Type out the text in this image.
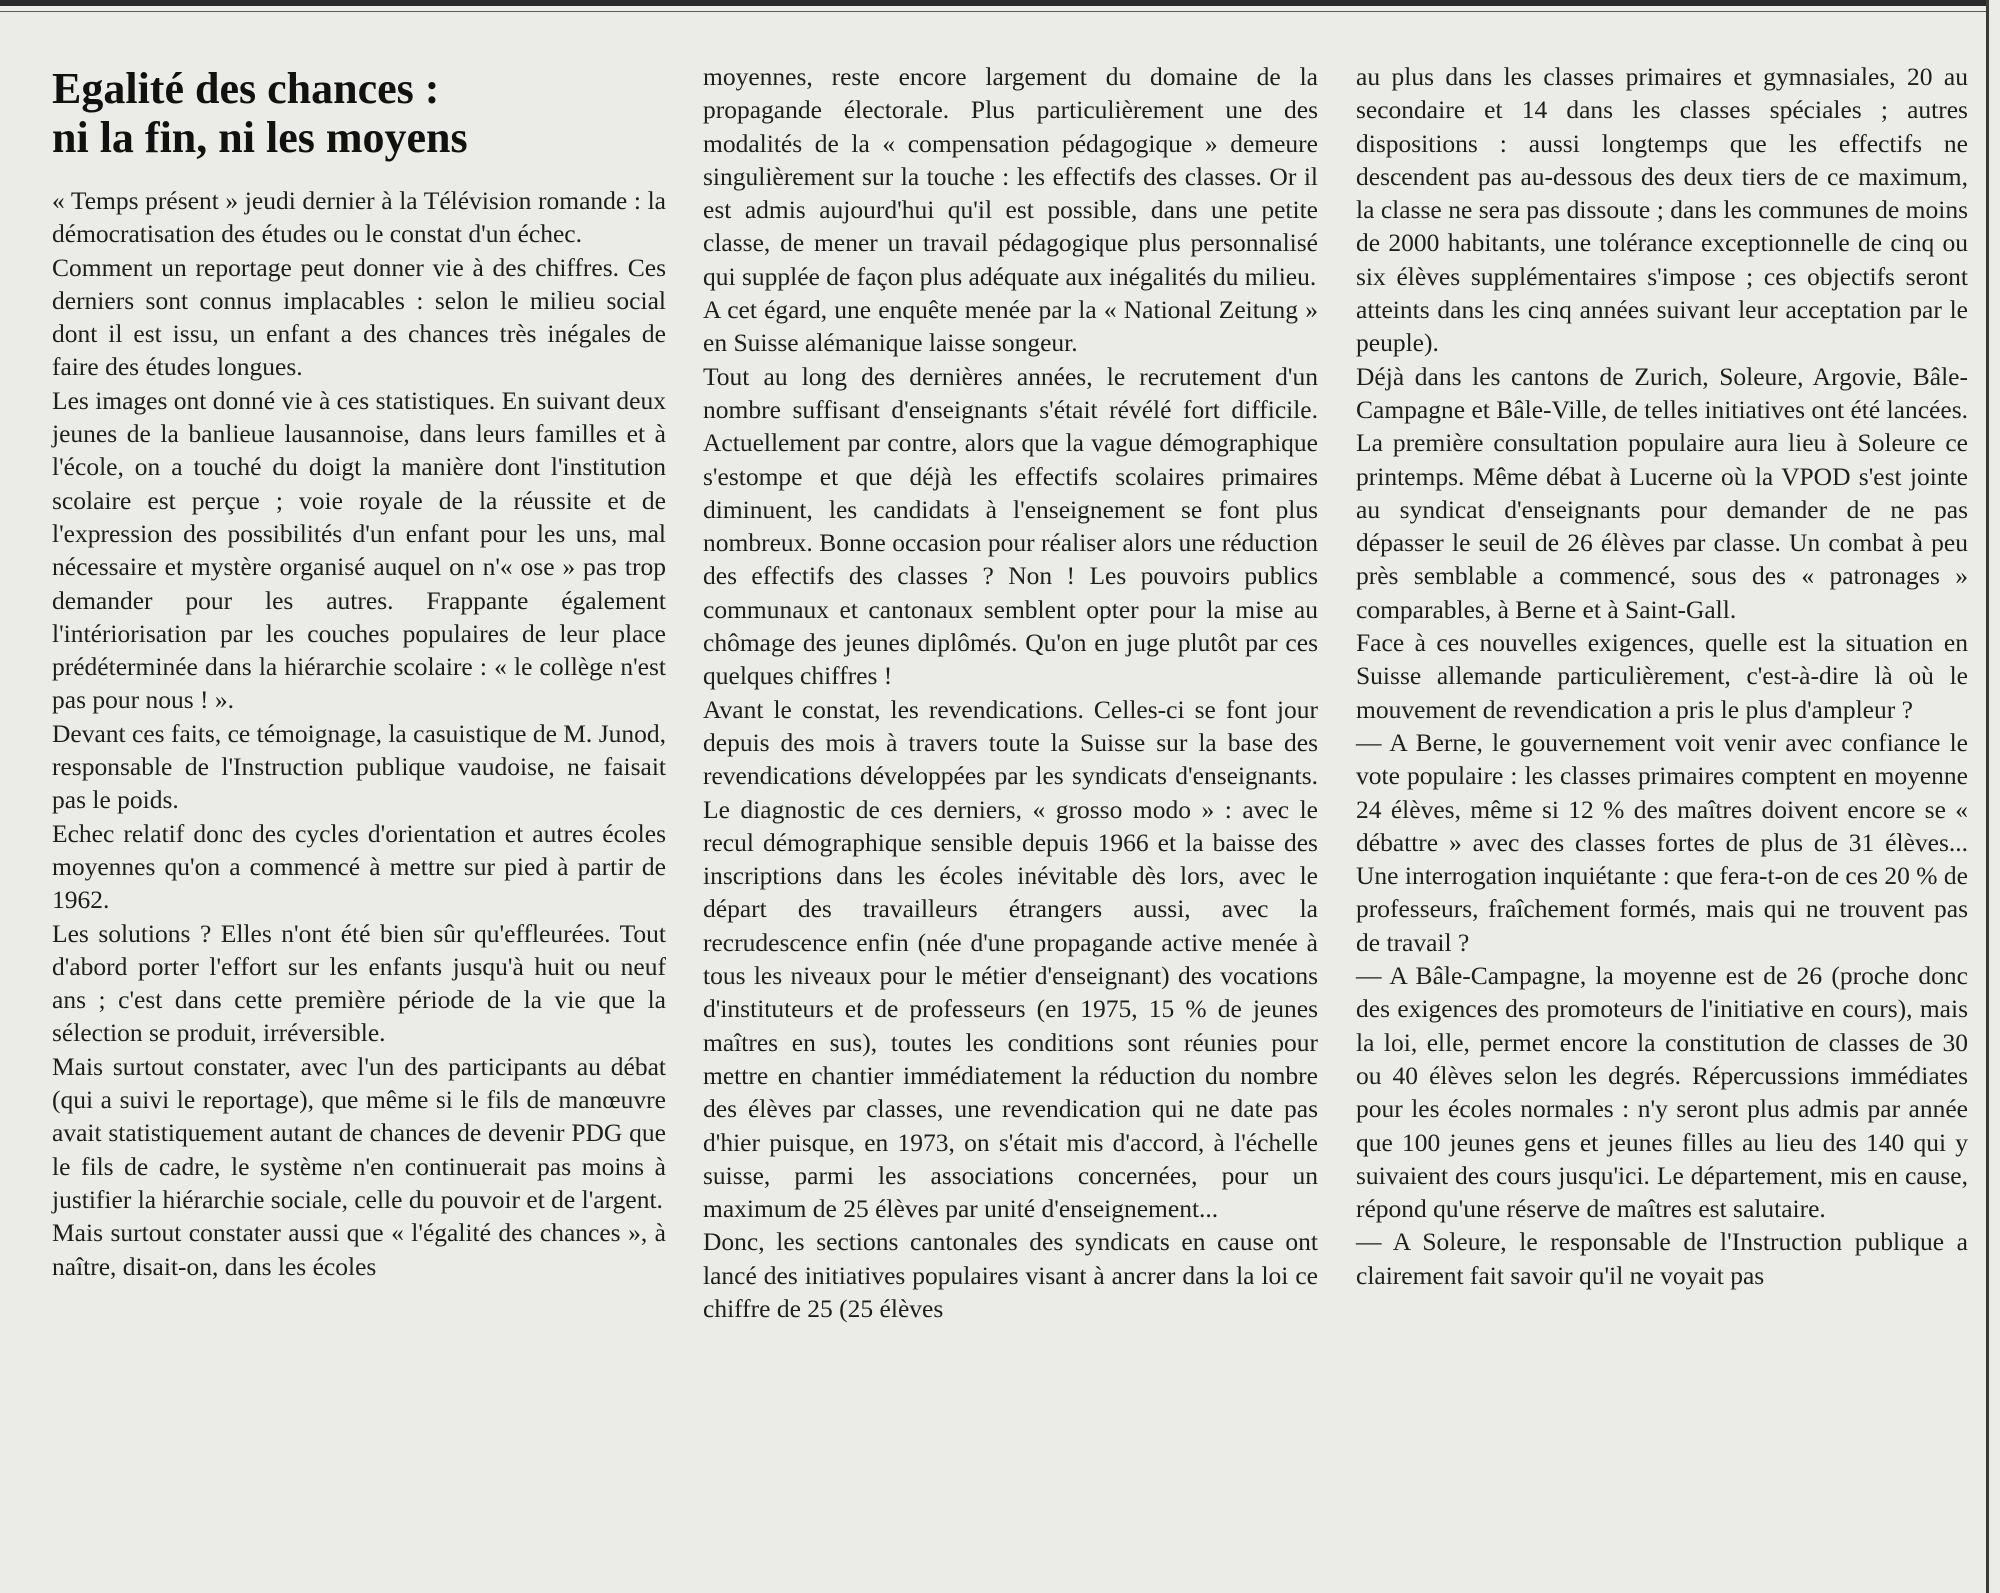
Egalité des chances :
ni la fin, ni les moyens

« Temps présent » jeudi dernier à la Télévision romande : la démocratisation des études ou le constat d'un échec.

Comment un reportage peut donner vie à des chiffres. Ces derniers sont connus implacables : selon le milieu social dont il est issu, un enfant a des chances très inégales de faire des études longues.

Les images ont donné vie à ces statistiques. En suivant deux jeunes de la banlieue lausannoise, dans leurs familles et à l'école, on a touché du doigt la manière dont l'institution scolaire est perçue ; voie royale de la réussite et de l'expression des possibilités d'un enfant pour les uns, mal nécessaire et mystère organisé auquel on n'« ose » pas trop demander pour les autres. Frappante également l'intériorisation par les couches populaires de leur place prédéterminée dans la hiérarchie scolaire : « le collège n'est pas pour nous ! ».

Devant ces faits, ce témoignage, la casuistique de M. Junod, responsable de l'Instruction publique vaudoise, ne faisait pas le poids.

Echec relatif donc des cycles d'orientation et autres écoles moyennes qu'on a commencé à mettre sur pied à partir de 1962.

Les solutions ? Elles n'ont été bien sûr qu'effleurées. Tout d'abord porter l'effort sur les enfants jusqu'à huit ou neuf ans ; c'est dans cette première période de la vie que la sélection se produit, irréversible.

Mais surtout constater, avec l'un des participants au débat (qui a suivi le reportage), que même si le fils de manœuvre avait statistiquement autant de chances de devenir PDG que le fils de cadre, le système n'en continuerait pas moins à justifier la hiérarchie sociale, celle du pouvoir et de l'argent.

Mais surtout constater aussi que « l'égalité des chances », à naître, disait-on, dans les écoles

moyennes, reste encore largement du domaine de la propagande électorale. Plus particulièrement une des modalités de la « compensation pédagogique » demeure singulièrement sur la touche : les effectifs des classes. Or il est admis aujourd'hui qu'il est possible, dans une petite classe, de mener un travail pédagogique plus personnalisé qui supplée de façon plus adéquate aux inégalités du milieu.

A cet égard, une enquête menée par la « National Zeitung » en Suisse alémanique laisse songeur.

Tout au long des dernières années, le recrutement d'un nombre suffisant d'enseignants s'était révélé fort difficile. Actuellement par contre, alors que la vague démographique s'estompe et que déjà les effectifs scolaires primaires diminuent, les candidats à l'enseignement se font plus nombreux. Bonne occasion pour réaliser alors une réduction des effectifs des classes ? Non ! Les pouvoirs publics communaux et cantonaux semblent opter pour la mise au chômage des jeunes diplômés. Qu'on en juge plutôt par ces quelques chiffres !

Avant le constat, les revendications. Celles-ci se font jour depuis des mois à travers toute la Suisse sur la base des revendications développées par les syndicats d'enseignants. Le diagnostic de ces derniers, « grosso modo » : avec le recul démographique sensible depuis 1966 et la baisse des inscriptions dans les écoles inévitable dès lors, avec le départ des travailleurs étrangers aussi, avec la recrudescence enfin (née d'une propagande active menée à tous les niveaux pour le métier d'enseignant) des vocations d'instituteurs et de professeurs (en 1975, 15 % de jeunes maîtres en sus), toutes les conditions sont réunies pour mettre en chantier immédiatement la réduction du nombre des élèves par classes, une revendication qui ne date pas d'hier puisque, en 1973, on s'était mis d'accord, à l'échelle suisse, parmi les associations concernées, pour un maximum de 25 élèves par unité d'enseignement...

Donc, les sections cantonales des syndicats en cause ont lancé des initiatives populaires visant à ancrer dans la loi ce chiffre de 25 (25 élèves

au plus dans les classes primaires et gymnasiales, 20 au secondaire et 14 dans les classes spéciales ; autres dispositions : aussi longtemps que les effectifs ne descendent pas au-dessous des deux tiers de ce maximum, la classe ne sera pas dissoute ; dans les communes de moins de 2000 habitants, une tolérance exceptionnelle de cinq ou six élèves supplémentaires s'impose ; ces objectifs seront atteints dans les cinq années suivant leur acceptation par le peuple).

Déjà dans les cantons de Zurich, Soleure, Argovie, Bâle-Campagne et Bâle-Ville, de telles initiatives ont été lancées. La première consultation populaire aura lieu à Soleure ce printemps. Même débat à Lucerne où la VPOD s'est jointe au syndicat d'enseignants pour demander de ne pas dépasser le seuil de 26 élèves par classe. Un combat à peu près semblable a commencé, sous des « patronages » comparables, à Berne et à Saint-Gall.

Face à ces nouvelles exigences, quelle est la situation en Suisse allemande particulièrement, c'est-à-dire là où le mouvement de revendication a pris le plus d'ampleur ?

— A Berne, le gouvernement voit venir avec confiance le vote populaire : les classes primaires comptent en moyenne 24 élèves, même si 12 % des maîtres doivent encore se « débattre » avec des classes fortes de plus de 31 élèves... Une interrogation inquiétante : que fera-t-on de ces 20 % de professeurs, fraîchement formés, mais qui ne trouvent pas de travail ?

— A Bâle-Campagne, la moyenne est de 26 (proche donc des exigences des promoteurs de l'initiative en cours), mais la loi, elle, permet encore la constitution de classes de 30 ou 40 élèves selon les degrés. Répercussions immédiates pour les écoles normales : n'y seront plus admis par année que 100 jeunes gens et jeunes filles au lieu des 140 qui y suivaient des cours jusqu'ici. Le département, mis en cause, répond qu'une réserve de maîtres est salutaire.

— A Soleure, le responsable de l'Instruction publique a clairement fait savoir qu'il ne voyait pas
